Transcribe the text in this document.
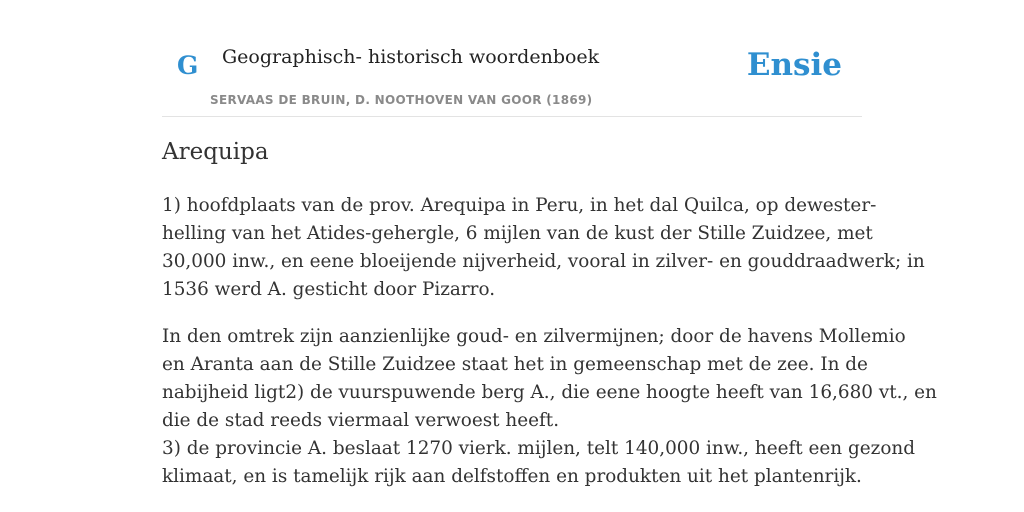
G Geographisch- historisch woordenboek
SERVAAS DE BRUIN, D. NOOTHOVEN VAN GOOR (1869)
Ensie
Arequipa

1) hoofdplaats van de prov. Arequipa in Peru, in het dal Quilca, op dewester-
helling van het Atides-gehergle, 6 mijlen van de kust der Stille Zuidzee, met
30,000 inw., en eene bloeijende nijverheid, vooral in zilver- en gouddraadwerk; in
1536 werd A. gesticht door Pizarro.

In den omtrek zijn aanzienlijke goud- en zilvermijnen; door de havens Mollemio
en Aranta aan de Stille Zuidzee staat het in gemeenschap met de zee. In de
nabijheid ligt2) de vuurspuwende berg A., die eene hoogte heeft van 16,680 vt., en
die de stad reeds viermaal verwoest heeft.
3) de provincie A. beslaat 1270 vierk. mijlen, telt 140,000 inw., heeft een gezond
klimaat, en is tamelijk rijk aan delfstoffen en produkten uit het plantenrijk.
